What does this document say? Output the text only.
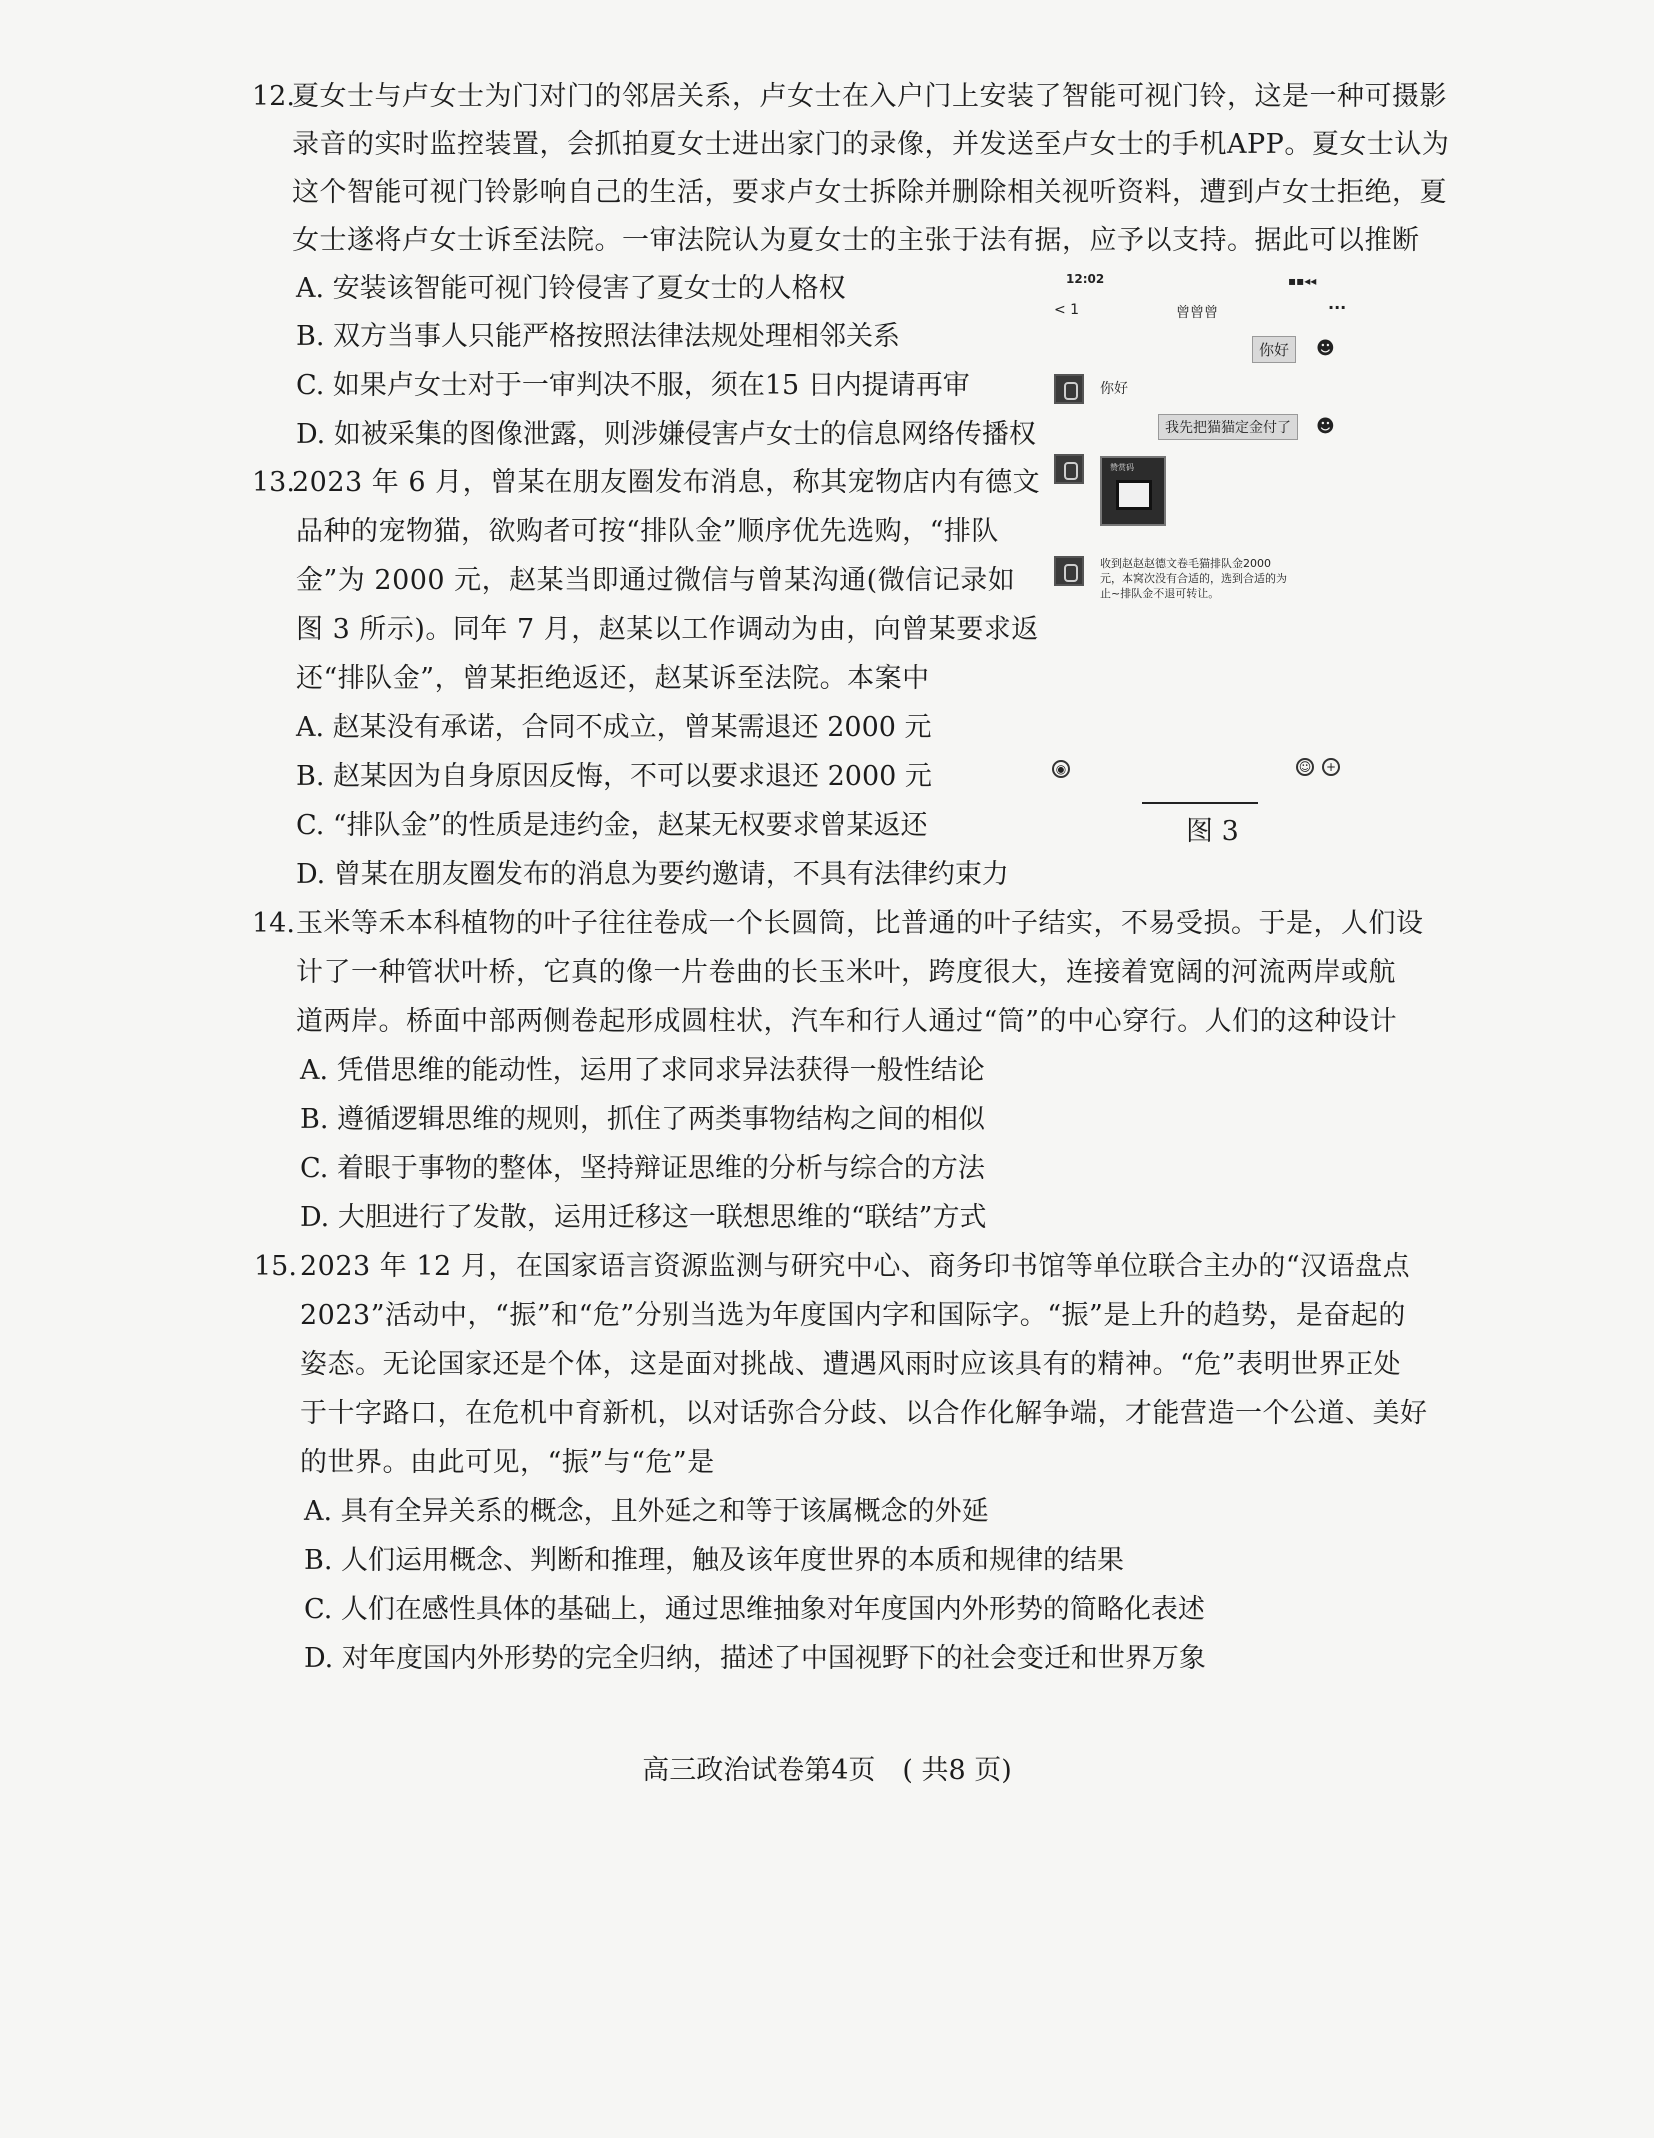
12.
夏女士与卢女士为门对门的邻居关系，卢女士在入户门上安装了智能可视门铃，这是一种可摄影
录音的实时监控装置，会抓拍夏女士进出家门的录像，并发送至卢女士的手机APP。夏女士认为
这个智能可视门铃影响自己的生活，要求卢女士拆除并删除相关视听资料，遭到卢女士拒绝，夏
女士遂将卢女士诉至法院。一审法院认为夏女士的主张于法有据，应予以支持。据此可以推断
A. 安装该智能可视门铃侵害了夏女士的人格权
B. 双方当事人只能严格按照法律法规处理相邻关系
C. 如果卢女士对于一审判决不服，须在15 日内提请再审
D. 如被采集的图像泄露，则涉嫌侵害卢女士的信息网络传播权
13.
2023 年 6 月，曾某在朋友圈发布消息，称其宠物店内有德文
品种的宠物猫，欲购者可按“排队金”顺序优先选购，“排队
金”为 2000 元，赵某当即通过微信与曾某沟通(微信记录如
图 3 所示)。同年 7 月，赵某以工作调动为由，向曾某要求返
还“排队金”，曾某拒绝返还，赵某诉至法院。本案中
A. 赵某没有承诺，合同不成立，曾某需退还 2000 元
B. 赵某因为自身原因反悔，不可以要求退还 2000 元
C. “排队金”的性质是违约金，赵某无权要求曾某返还
D. 曾某在朋友圈发布的消息为要约邀请，不具有法律约束力
12:02	▪▪◂◂
< 1	曾曾曾	···
你好	☻
你好
我先把猫猫定金付了	☻
赞赏码
收到赵赵赵德文卷毛猫排队金2000元，本窝次没有合适的，选到合适的为止~排队金不退可转让。
◉	☺	+
图 3
14. 玉米等禾本科植物的叶子往往卷成一个长圆筒，比普通的叶子结实，不易受损。于是，人们设
计了一种管状叶桥，它真的像一片卷曲的长玉米叶，跨度很大，连接着宽阔的河流两岸或航
道两岸。桥面中部两侧卷起形成圆柱状，汽车和行人通过“筒”的中心穿行。人们的这种设计
A. 凭借思维的能动性，运用了求同求异法获得一般性结论
B. 遵循逻辑思维的规则，抓住了两类事物结构之间的相似
C. 着眼于事物的整体，坚持辩证思维的分析与综合的方法
D. 大胆进行了发散，运用迁移这一联想思维的“联结”方式
15. 2023 年 12 月，在国家语言资源监测与研究中心、商务印书馆等单位联合主办的“汉语盘点
2023”活动中，“振”和“危”分别当选为年度国内字和国际字。“振”是上升的趋势，是奋起的
姿态。无论国家还是个体，这是面对挑战、遭遇风雨时应该具有的精神。“危”表明世界正处
于十字路口，在危机中育新机，以对话弥合分歧、以合作化解争端，才能营造一个公道、美好
的世界。由此可见，“振”与“危”是
A. 具有全异关系的概念，且外延之和等于该属概念的外延
B. 人们运用概念、判断和推理，触及该年度世界的本质和规律的结果
C. 人们在感性具体的基础上，通过思维抽象对年度国内外形势的简略化表述
D. 对年度国内外形势的完全归纳，描述了中国视野下的社会变迁和世界万象
高三政治试卷第4页　( 共8 页)
